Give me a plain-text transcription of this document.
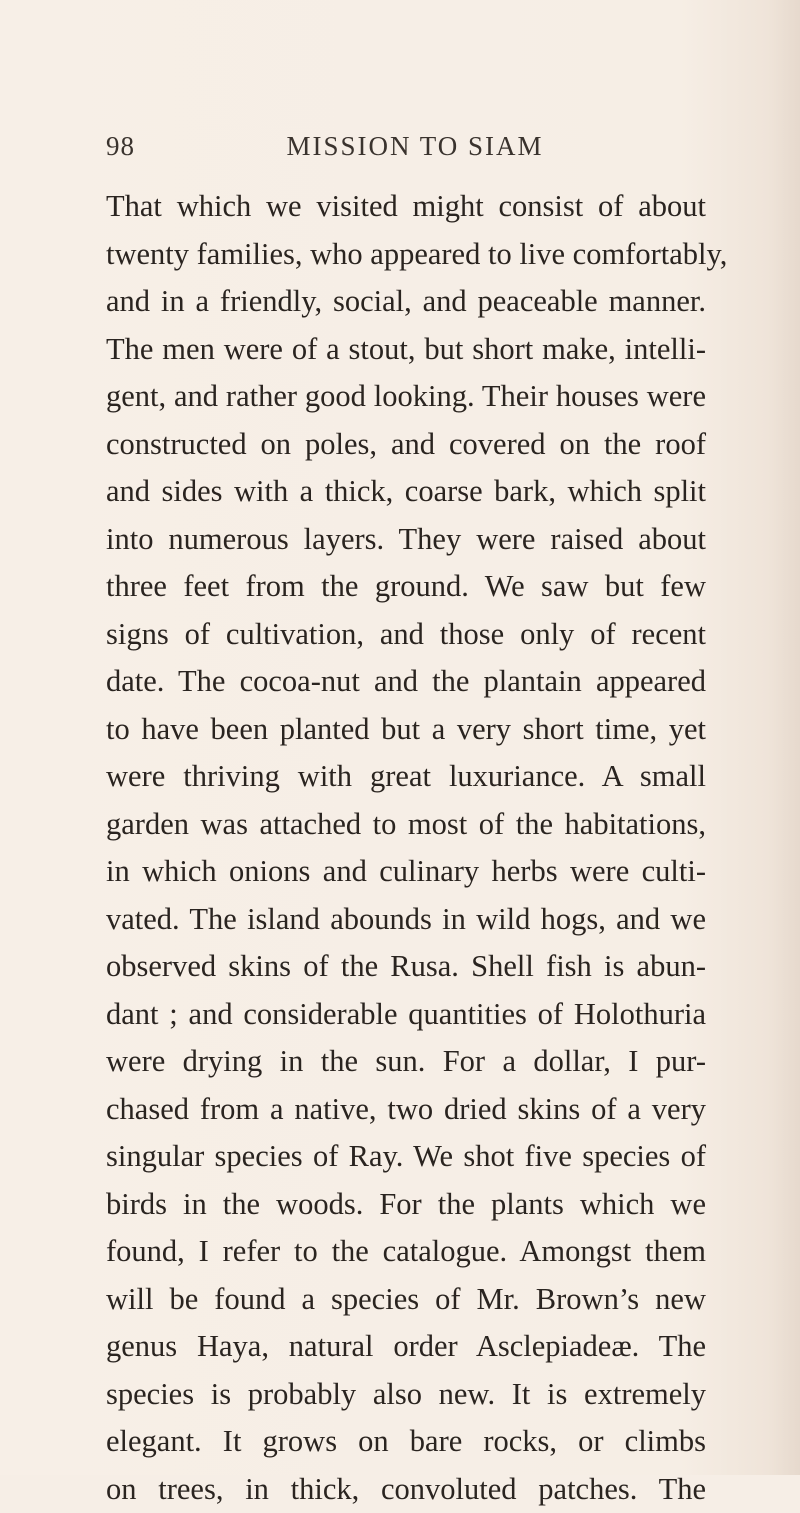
98	MISSION TO SIAM
That which we visited might consist of about
twenty families, who appeared to live comfortably,
and in a friendly, social, and peaceable manner.
The men were of a stout, but short make, intelli-
gent, and rather good looking. Their houses were
constructed on poles, and covered on the roof
and sides with a thick, coarse bark, which split
into numerous layers. They were raised about
three feet from the ground. We saw but few
signs of cultivation, and those only of recent
date. The cocoa-nut and the plantain appeared
to have been planted but a very short time, yet
were thriving with great luxuriance. A small
garden was attached to most of the habitations,
in which onions and culinary herbs were culti-
vated. The island abounds in wild hogs, and we
observed skins of the Rusa. Shell fish is abun-
dant ; and considerable quantities of Holothuria
were drying in the sun. For a dollar, I pur-
chased from a native, two dried skins of a very
singular species of Ray. We shot five species of
birds in the woods. For the plants which we
found, I refer to the catalogue. Amongst them
will be found a species of Mr. Brown’s new
genus Haya, natural order Asclepiadeæ. The
species is probably also new. It is extremely
elegant. It grows on bare rocks, or climbs
on trees, in thick, convoluted patches. The
